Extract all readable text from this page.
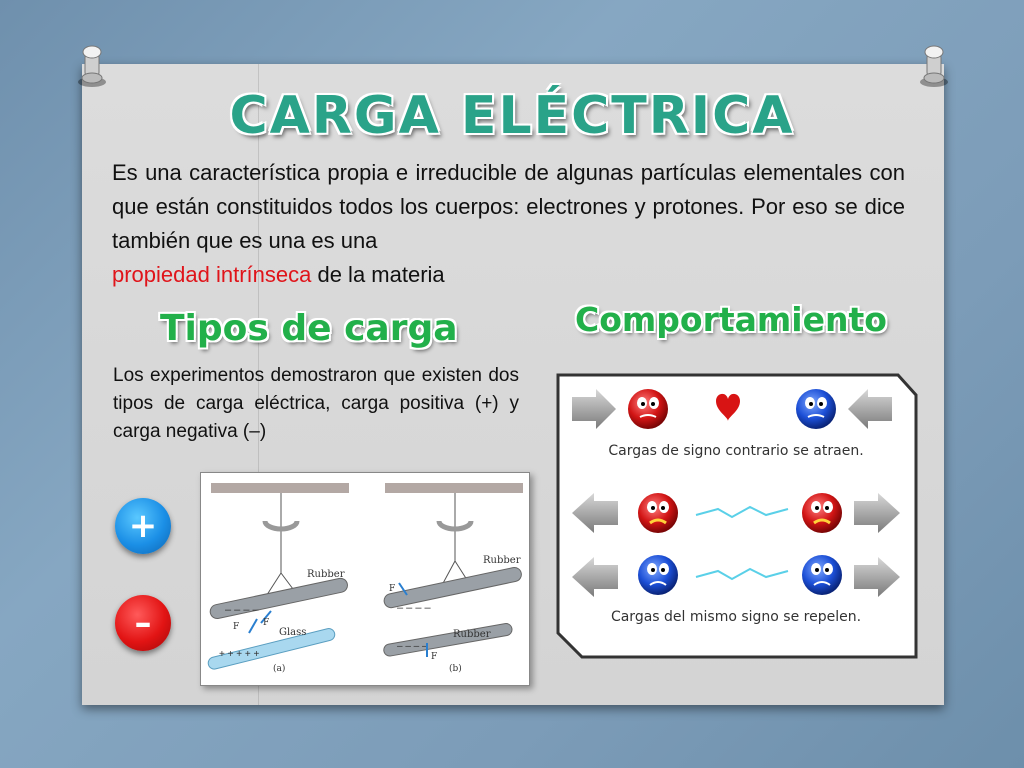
CARGA ELÉCTRICA
Es una característica propia e irreducible de algunas partículas elementales con que están constituidos todos los cuerpos: electrones y protones. Por eso se dice también que es una es una
propiedad intrínseca de la materia
Tipos de carga	Comportamiento
Los experimentos demostraron que existen dos tipos de carga eléctrica, carga positiva (+) y carga negativa (–)
+
–	– – – –
Rubber
+ + + + +
Glass
F	F
(a)
– – – –
Rubber
– – – –
Rubber
F
F
(b)
Cargas de signo contrario se atraen.
Cargas del mismo signo se repelen.
